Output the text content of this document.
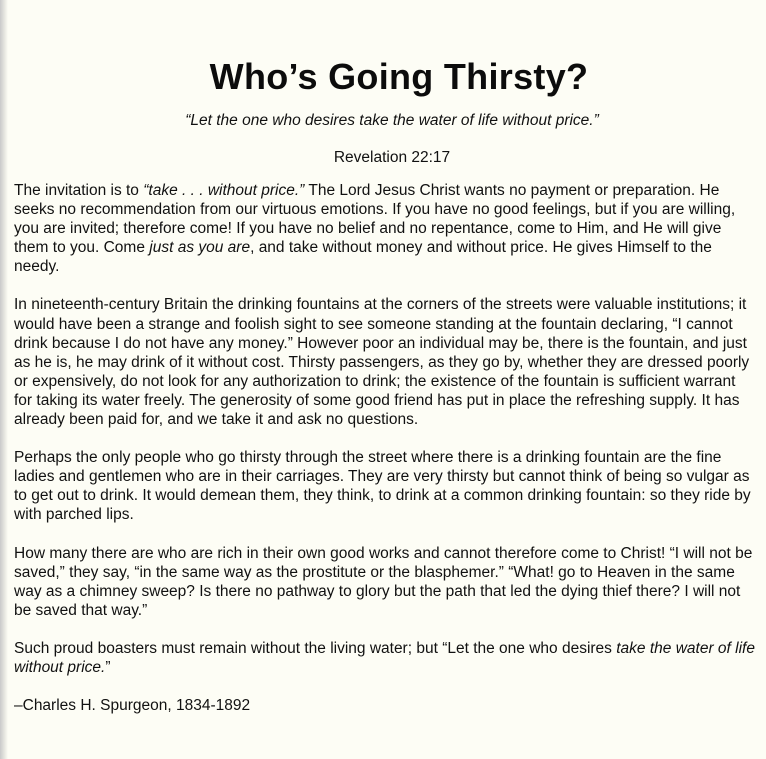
Who’s Going Thirsty?
“Let the one who desires take the water of life without price.”
Revelation 22:17

The invitation is to “take . . . without price.” The Lord Jesus Christ wants no payment or preparation. He seeks no recommendation from our virtuous emotions. If you have no good feelings, but if you are willing, you are invited; therefore come! If you have no belief and no repentance, come to Him, and He will give them to you. Come just as you are, and take without money and without price. He gives Himself to the needy.

In nineteenth-century Britain the drinking fountains at the corners of the streets were valuable institutions; it would have been a strange and foolish sight to see someone standing at the fountain declaring, “I cannot drink because I do not have any money.” However poor an individual may be, there is the fountain, and just as he is, he may drink of it without cost. Thirsty passengers, as they go by, whether they are dressed poorly or expensively, do not look for any authorization to drink; the existence of the fountain is sufficient warrant for taking its water freely. The generosity of some good friend has put in place the refreshing supply. It has already been paid for, and we take it and ask no questions.

Perhaps the only people who go thirsty through the street where there is a drinking fountain are the fine ladies and gentlemen who are in their carriages. They are very thirsty but cannot think of being so vulgar as to get out to drink. It would demean them, they think, to drink at a common drinking fountain: so they ride by with parched lips.

How many there are who are rich in their own good works and cannot therefore come to Christ! “I will not be saved,” they say, “in the same way as the prostitute or the blasphemer.” “What! go to Heaven in the same way as a chimney sweep? Is there no pathway to glory but the path that led the dying thief there? I will not be saved that way.”

Such proud boasters must remain without the living water; but “Let the one who desires take the water of life without price.”

–Charles H. Spurgeon, 1834-1892
